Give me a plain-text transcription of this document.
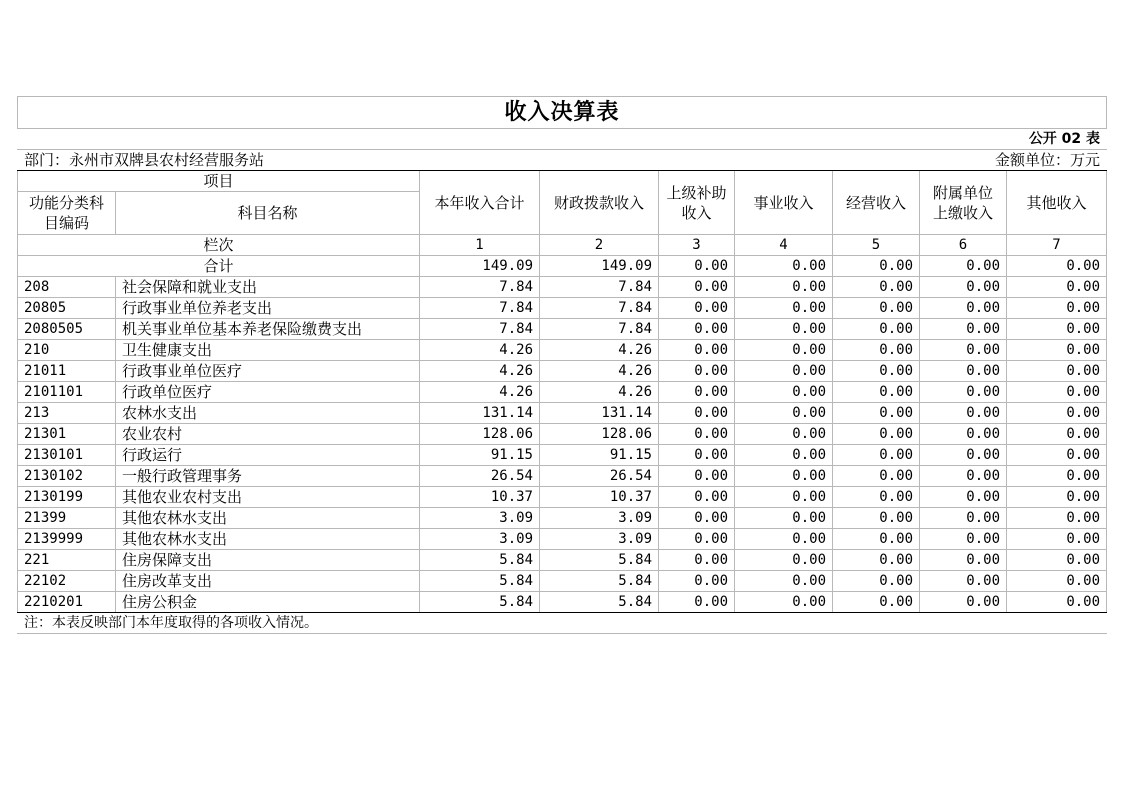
收入决算表								
			公开 02 表					
部门：永州市双牌县农村经营服务站			金额单位：万元					
项目		本年收入合计	财政拨款收入	上级补助收入	事业收入	经营收入	附属单位上缴收入	其他收入
功能分类科目编码	科目名称							
栏次		1	2	3	4	5	6	7
合计		149.09	149.09	0.00	0.00	0.00	0.00	0.00
208	社会保障和就业支出	7.84	7.84	0.00	0.00	0.00	0.00	0.00
20805	行政事业单位养老支出	7.84	7.84	0.00	0.00	0.00	0.00	0.00
2080505	机关事业单位基本养老保险缴费支出	7.84	7.84	0.00	0.00	0.00	0.00	0.00
210	卫生健康支出	4.26	4.26	0.00	0.00	0.00	0.00	0.00
21011	行政事业单位医疗	4.26	4.26	0.00	0.00	0.00	0.00	0.00
2101101	行政单位医疗	4.26	4.26	0.00	0.00	0.00	0.00	0.00
213	农林水支出	131.14	131.14	0.00	0.00	0.00	0.00	0.00
21301	农业农村	128.06	128.06	0.00	0.00	0.00	0.00	0.00
2130101	行政运行	91.15	91.15	0.00	0.00	0.00	0.00	0.00
2130102	一般行政管理事务	26.54	26.54	0.00	0.00	0.00	0.00	0.00
2130199	其他农业农村支出	10.37	10.37	0.00	0.00	0.00	0.00	0.00
21399	其他农林水支出	3.09	3.09	0.00	0.00	0.00	0.00	0.00
2139999	其他农林水支出	3.09	3.09	0.00	0.00	0.00	0.00	0.00
221	住房保障支出	5.84	5.84	0.00	0.00	0.00	0.00	0.00
22102	住房改革支出	5.84	5.84	0.00	0.00	0.00	0.00	0.00
2210201	住房公积金	5.84	5.84	0.00	0.00	0.00	0.00	0.00
注：本表反映部门本年度取得的各项收入情况。								
